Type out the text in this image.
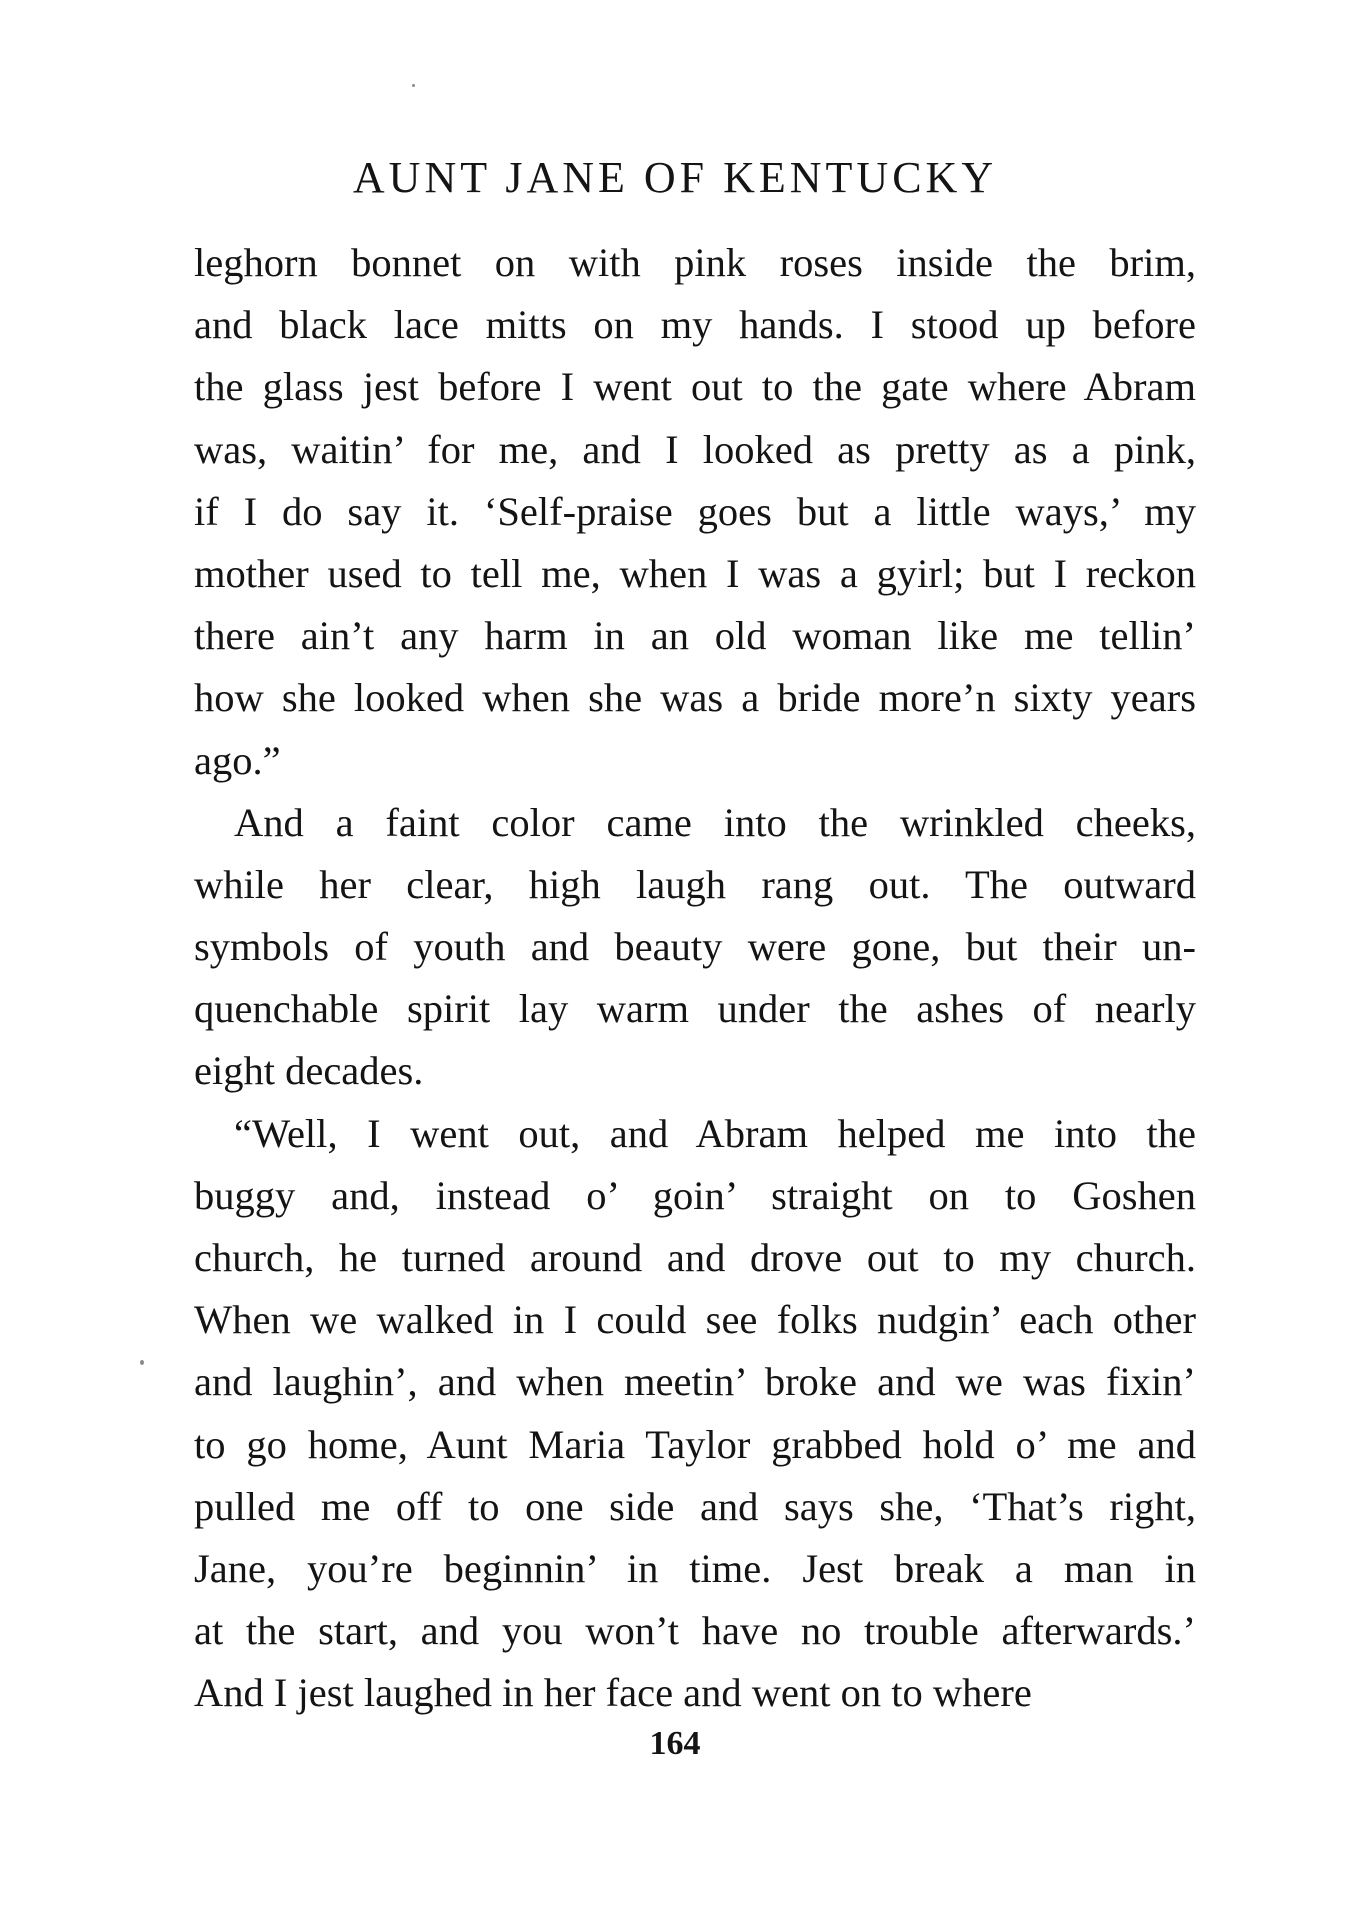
AUNT JANE OF KENTUCKY
leghorn bonnet on with pink roses inside the brim,
and black lace mitts on my hands. I stood up before
the glass jest before I went out to the gate where Abram
was, waitin’ for me, and I looked as pretty as a pink,
if I do say it. ‘Self-praise goes but a little ways,’ my
mother used to tell me, when I was a gyirl; but I reckon
there ain’t any harm in an old woman like me tellin’
how she looked when she was a bride more’n sixty years
ago.”
And a faint color came into the wrinkled cheeks,
while her clear, high laugh rang out. The outward
symbols of youth and beauty were gone, but their un-
quenchable spirit lay warm under the ashes of nearly
eight decades.
“Well, I went out, and Abram helped me into the
buggy and, instead o’ goin’ straight on to Goshen
church, he turned around and drove out to my church.
When we walked in I could see folks nudgin’ each other
and laughin’, and when meetin’ broke and we was fixin’
to go home, Aunt Maria Taylor grabbed hold o’ me and
pulled me off to one side and says she, ‘That’s right,
Jane, you’re beginnin’ in time. Jest break a man in
at the start, and you won’t have no trouble afterwards.’
And I jest laughed in her face and went on to where
164
